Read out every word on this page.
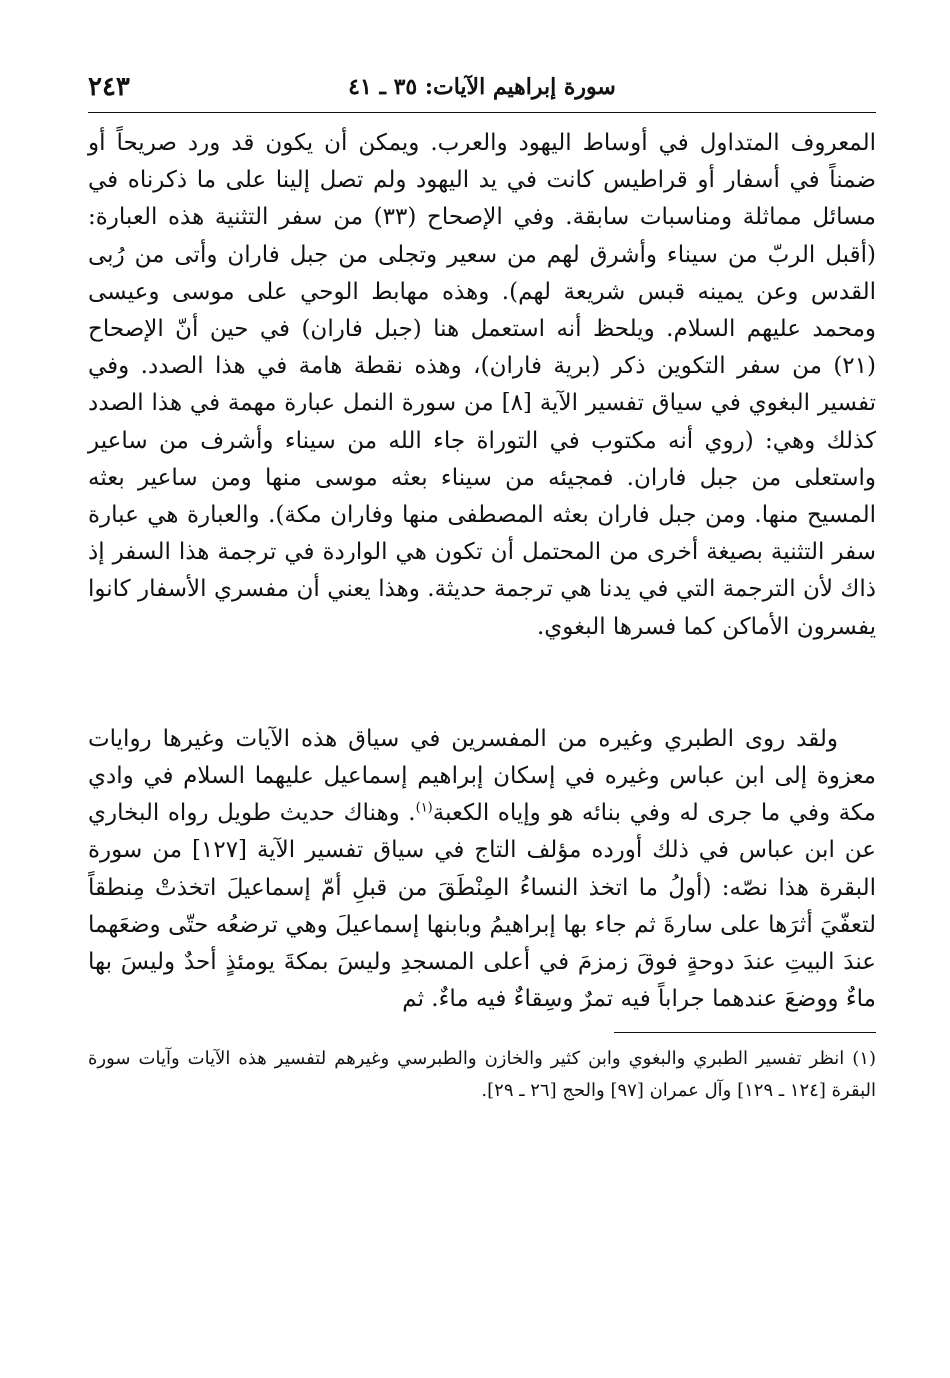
سورة إبراهيم الآيات: ٣٥ ـ ٤١
٢٤٣

المعروف المتداول في أوساط اليهود والعرب. ويمكن أن يكون قد ورد صريحاً أو ضمناً في أسفار أو قراطيس كانت في يد اليهود ولم تصل إلينا على ما ذكرناه في مسائل مماثلة ومناسبات سابقة. وفي الإصحاح (٣٣) من سفر التثنية هذه العبارة: (أقبل الربّ من سيناء وأشرق لهم من سعير وتجلى من جبل فاران وأتى من رُبى القدس وعن يمينه قبس شريعة لهم). وهذه مهابط الوحي على موسى وعيسى ومحمد عليهم السلام. ويلحظ أنه استعمل هنا (جبل فاران) في حين أنّ الإصحاح (٢١) من سفر التكوين ذكر (برية فاران)، وهذه نقطة هامة في هذا الصدد. وفي تفسير البغوي في سياق تفسير الآية [٨] من سورة النمل عبارة مهمة في هذا الصدد كذلك وهي: (روي أنه مكتوب في التوراة جاء الله من سيناء وأشرف من ساعير واستعلى من جبل فاران. فمجيئه من سيناء بعثه موسى منها ومن ساعير بعثه المسيح منها. ومن جبل فاران بعثه المصطفى منها وفاران مكة). والعبارة هي عبارة سفر التثنية بصيغة أخرى من المحتمل أن تكون هي الواردة في ترجمة هذا السفر إذ ذاك لأن الترجمة التي في يدنا هي ترجمة حديثة. وهذا يعني أن مفسري الأسفار كانوا يفسرون الأماكن كما فسرها البغوي.

ولقد روى الطبري وغيره من المفسرين في سياق هذه الآيات وغيرها روايات معزوة إلى ابن عباس وغيره في إسكان إبراهيم إسماعيل عليهما السلام في وادي مكة وفي ما جرى له وفي بنائه هو وإياه الكعبة$^{(١)}$. وهناك حديث طويل رواه البخاري عن ابن عباس في ذلك أورده مؤلف التاج في سياق تفسير الآية [١٢٧] من سورة البقرة هذا نصّه: (أولُ ما اتخذ النساءُ المِنْطَقَ من قبلِ أمّ إسماعيلَ اتخذتْ مِنطقاً لتعفّيَ أثرَها على سارةَ ثم جاء بها إبراهيمُ وبابنها إسماعيلَ وهي ترضعُه حتّى وضعَهما عندَ البيتِ عندَ دوحةٍ فوقَ زمزمَ في أعلى المسجدِ وليسَ بمكةَ يومئذٍ أحدٌ وليسَ بها ماءٌ ووضعَ عندهما جراباً فيه تمرٌ وسِقاءٌ فيه ماءٌ. ثم

(١) انظر تفسير الطبري والبغوي وابن كثير والخازن والطبرسي وغيرهم لتفسير هذه الآيات وآيات سورة البقرة [١٢٤ ـ ١٢٩] وآل عمران [٩٧] والحج [٢٦ ـ ٢٩].
